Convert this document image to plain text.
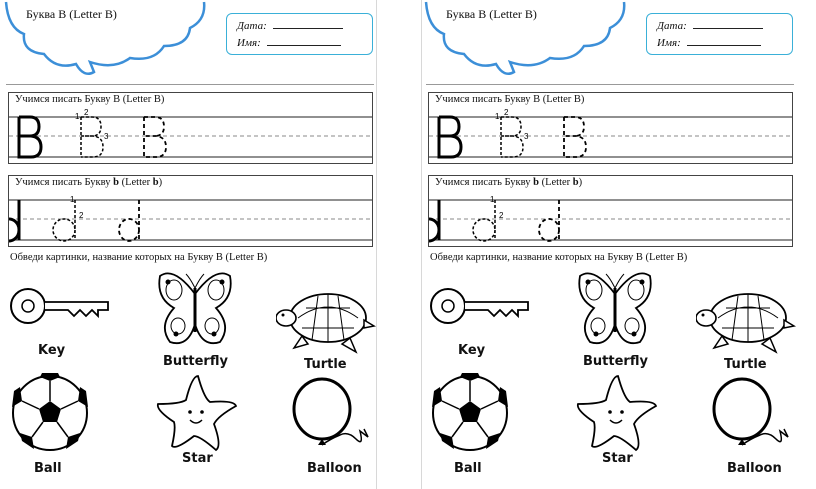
Буква B (Letter B)
Дата:
Имя:
Учимся писать Букву B (Letter B)
1 2
3
Учимся писать Букву b (Letter b)
1
2
Обведи картинки, название которых на Букву B (Letter B)
Key
Butterfly	Turtle
Ball
Star
Balloon
Буква B (Letter B)
Дата:
Имя:
Учимся писать Букву B (Letter B)
1 2
3
Учимся писать Букву b (Letter b)
1
2
Обведи картинки, название которых на Букву B (Letter B)
Key
Butterfly	Turtle
Ball
Star
Balloon
